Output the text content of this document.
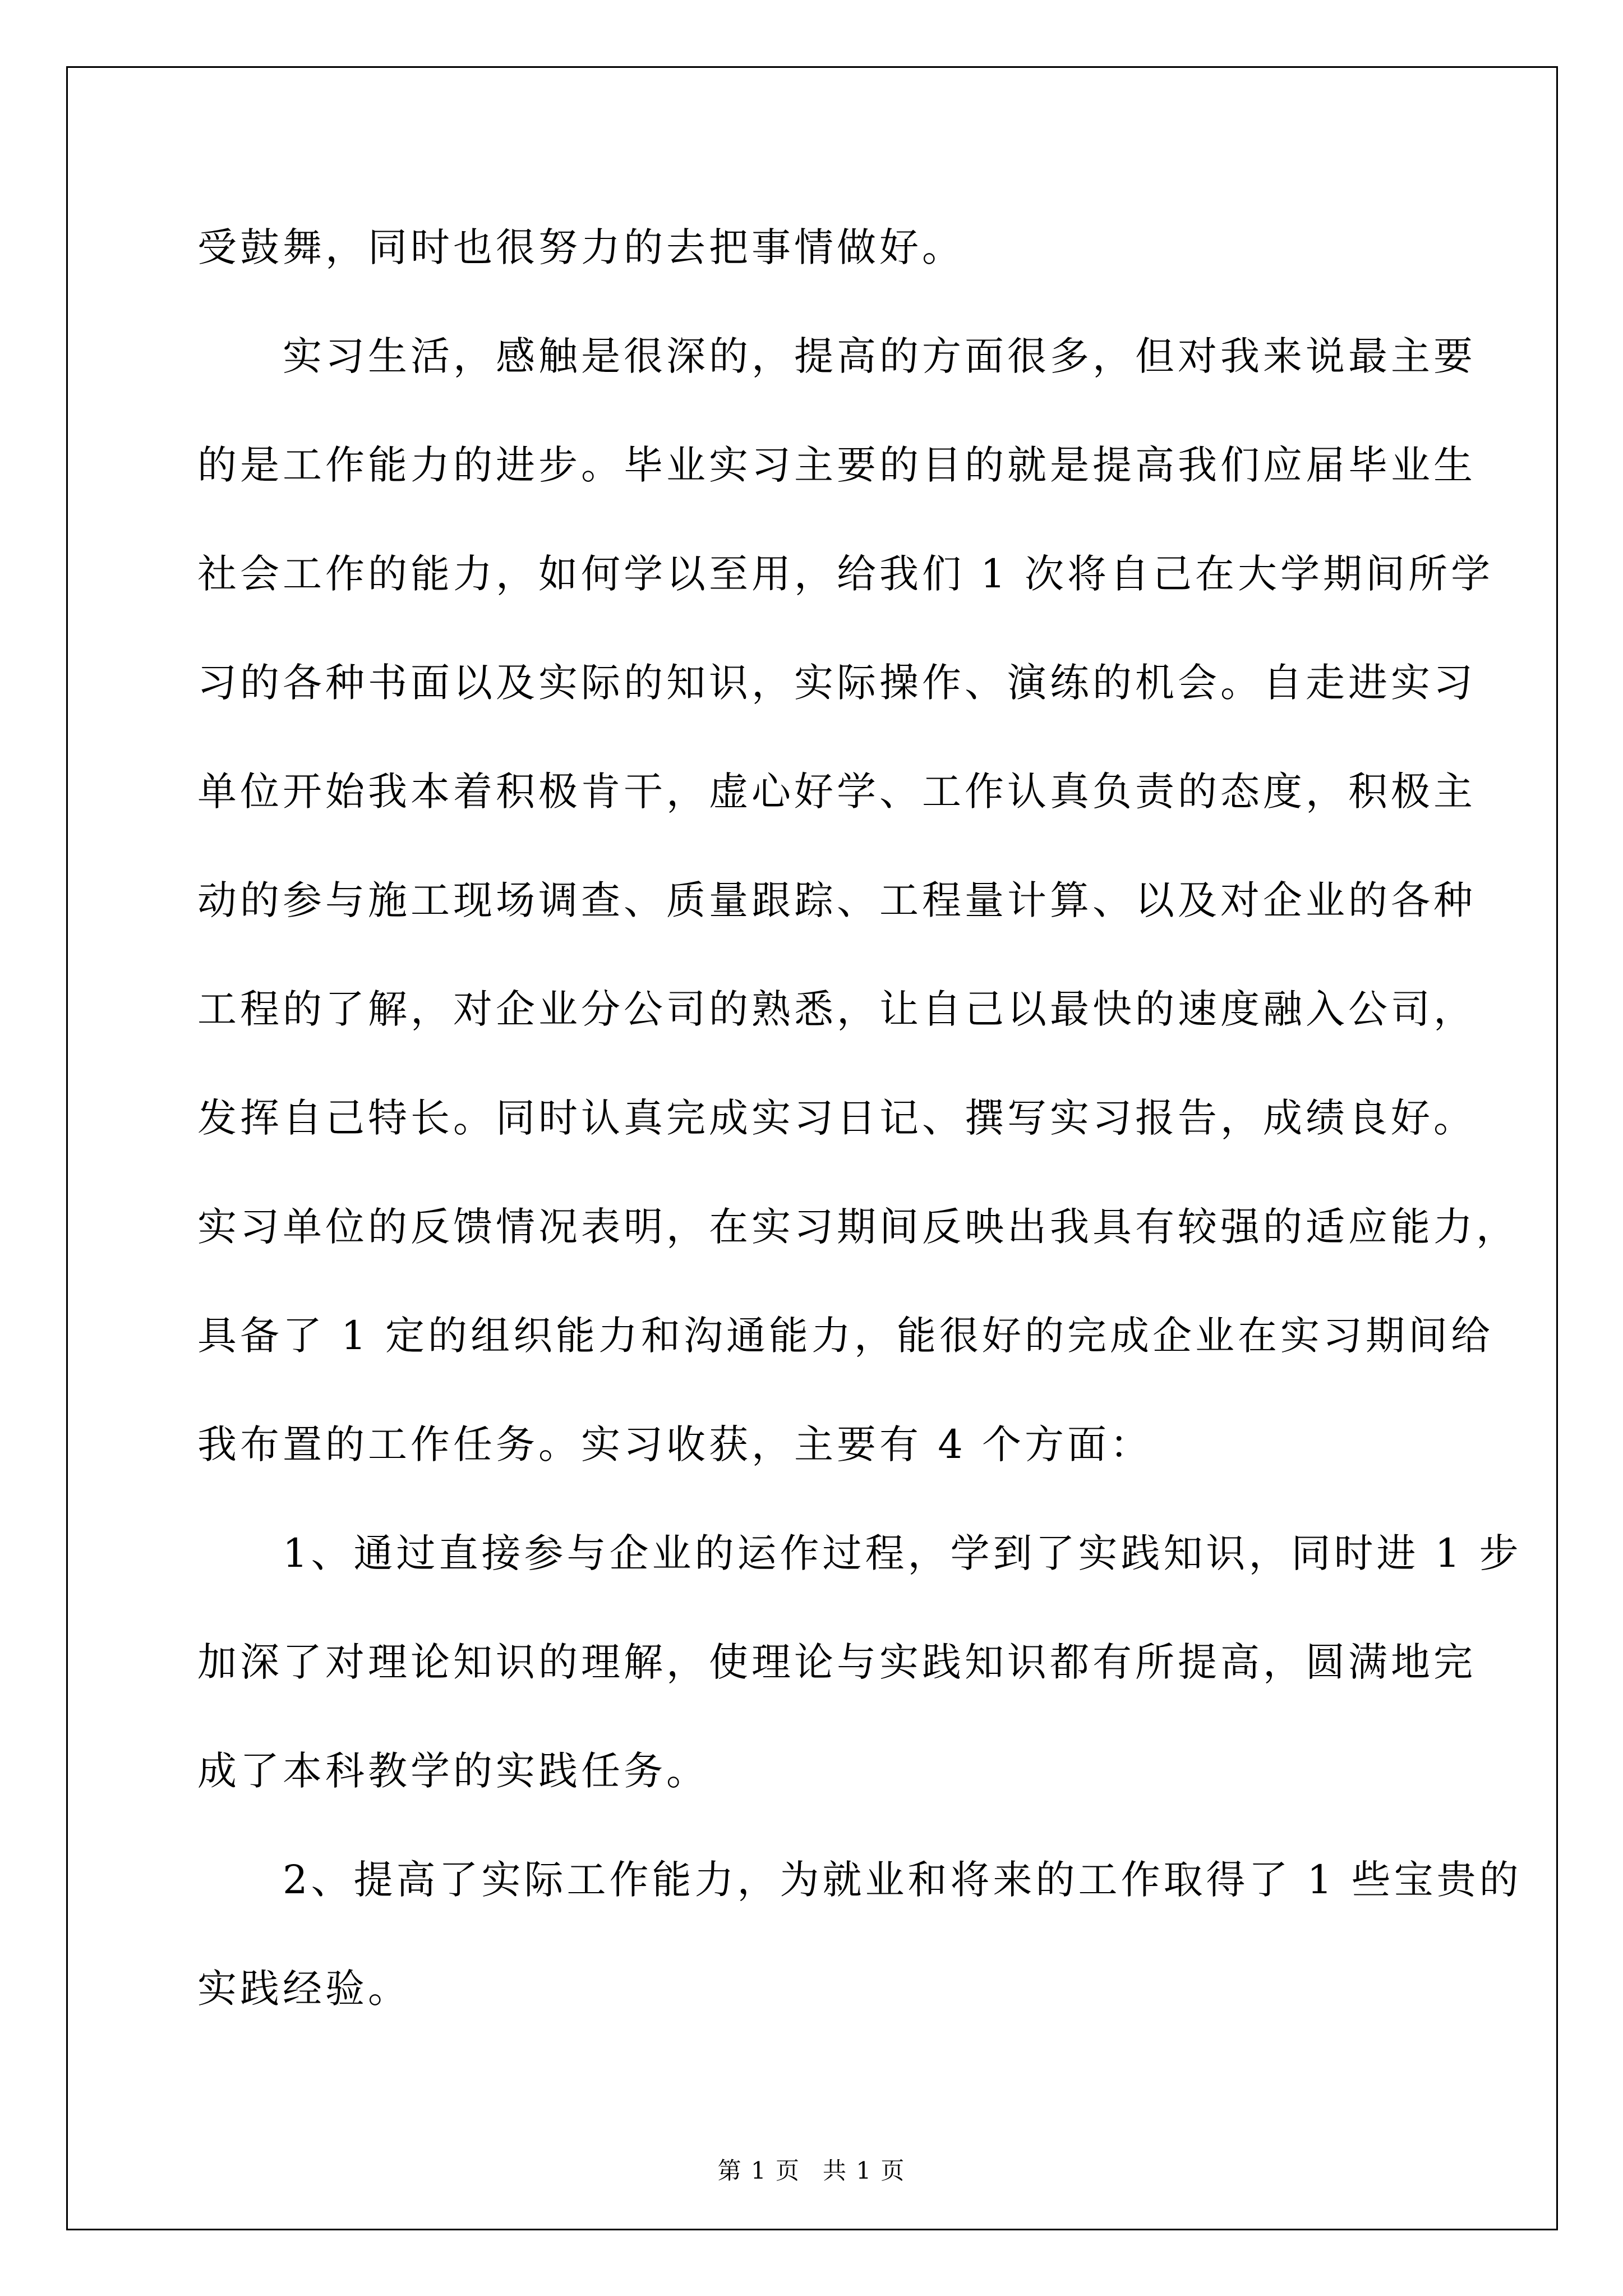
受鼓舞，同时也很努力的去把事情做好。
实习生活，感触是很深的，提高的方面很多，但对我来说最主要
的是工作能力的进步。毕业实习主要的目的就是提高我们应届毕业生
社会工作的能力，如何学以至用，给我们 1 次将自己在大学期间所学
习的各种书面以及实际的知识，实际操作、演练的机会。自走进实习
单位开始我本着积极肯干，虚心好学、工作认真负责的态度，积极主
动的参与施工现场调查、质量跟踪、工程量计算、以及对企业的各种
工程的了解，对企业分公司的熟悉，让自己以最快的速度融入公司，
发挥自己特长。同时认真完成实习日记、撰写实习报告，成绩良好。
实习单位的反馈情况表明，在实习期间反映出我具有较强的适应能力，
具备了 1 定的组织能力和沟通能力，能很好的完成企业在实习期间给
我布置的工作任务。实习收获，主要有 4 个方面：
1、通过直接参与企业的运作过程，学到了实践知识，同时进 1 步
加深了对理论知识的理解，使理论与实践知识都有所提高，圆满地完
成了本科教学的实践任务。
2、提高了实际工作能力，为就业和将来的工作取得了 1 些宝贵的
实践经验。
第 1 页 共 1 页
